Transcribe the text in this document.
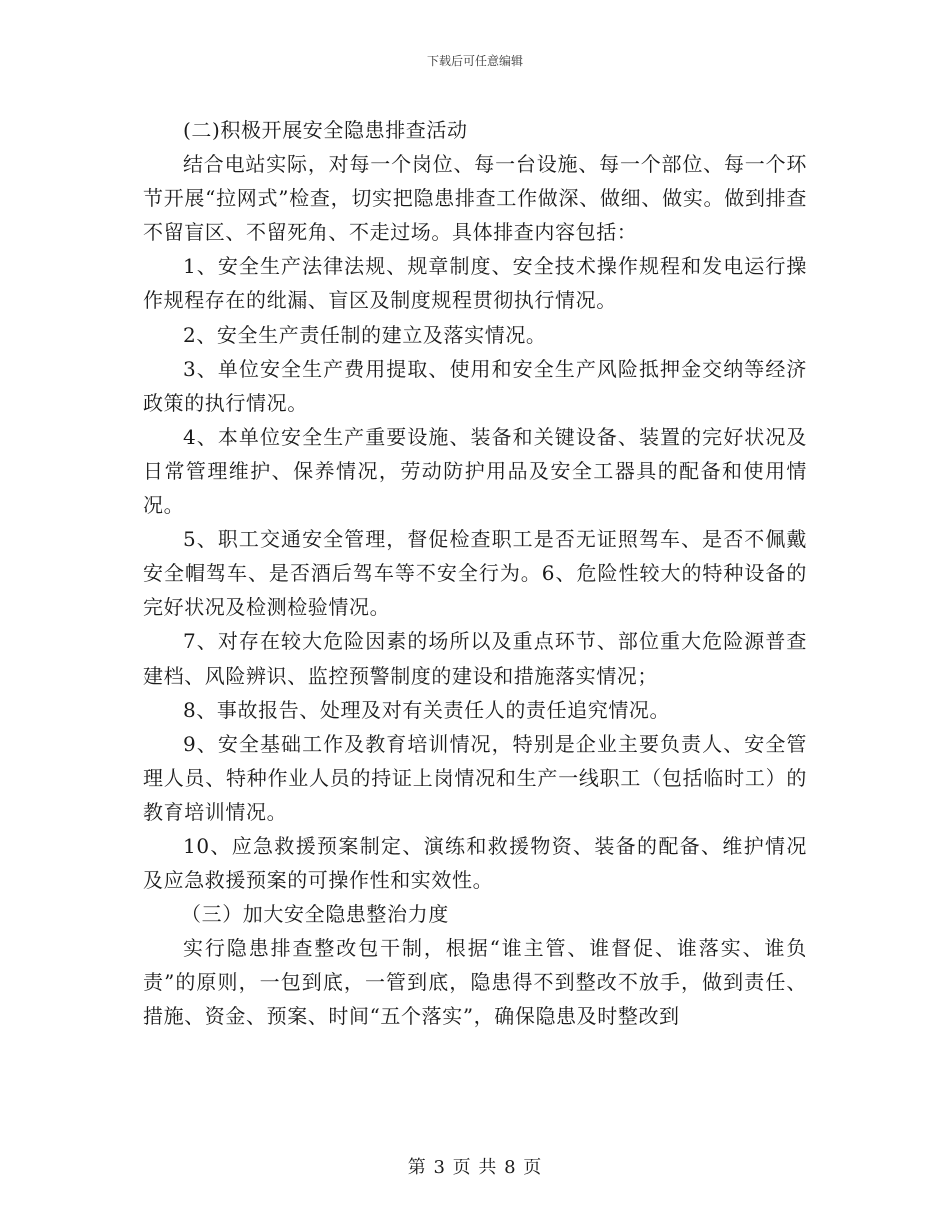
下载后可任意编辑

(二)积极开展安全隐患排查活动

结合电站实际，对每一个岗位、每一台设施、每一个部位、每一个环节开展“拉网式”检查，切实把隐患排查工作做深、做细、做实。做到排查不留盲区、不留死角、不走过场。具体排查内容包括：

1、安全生产法律法规、规章制度、安全技术操作规程和发电运行操作规程存在的纰漏、盲区及制度规程贯彻执行情况。

2、安全生产责任制的建立及落实情况。

3、单位安全生产费用提取、使用和安全生产风险抵押金交纳等经济政策的执行情况。

4、本单位安全生产重要设施、装备和关键设备、装置的完好状况及日常管理维护、保养情况，劳动防护用品及安全工器具的配备和使用情况。

5、职工交通安全管理，督促检查职工是否无证照驾车、是否不佩戴安全帽驾车、是否酒后驾车等不安全行为。6、危险性较大的特种设备的完好状况及检测检验情况。

7、对存在较大危险因素的场所以及重点环节、部位重大危险源普查建档、风险辨识、监控预警制度的建设和措施落实情况；

8、事故报告、处理及对有关责任人的责任追究情况。

9、安全基础工作及教育培训情况，特别是企业主要负责人、安全管理人员、特种作业人员的持证上岗情况和生产一线职工（包括临时工）的教育培训情况。

10、应急救援预案制定、演练和救援物资、装备的配备、维护情况及应急救援预案的可操作性和实效性。

（三）加大安全隐患整治力度

实行隐患排查整改包干制，根据“谁主管、谁督促、谁落实、谁负责”的原则，一包到底，一管到底，隐患得不到整改不放手，做到责任、措施、资金、预案、时间“五个落实”，确保隐患及时整改到

第 3 页 共 8 页
